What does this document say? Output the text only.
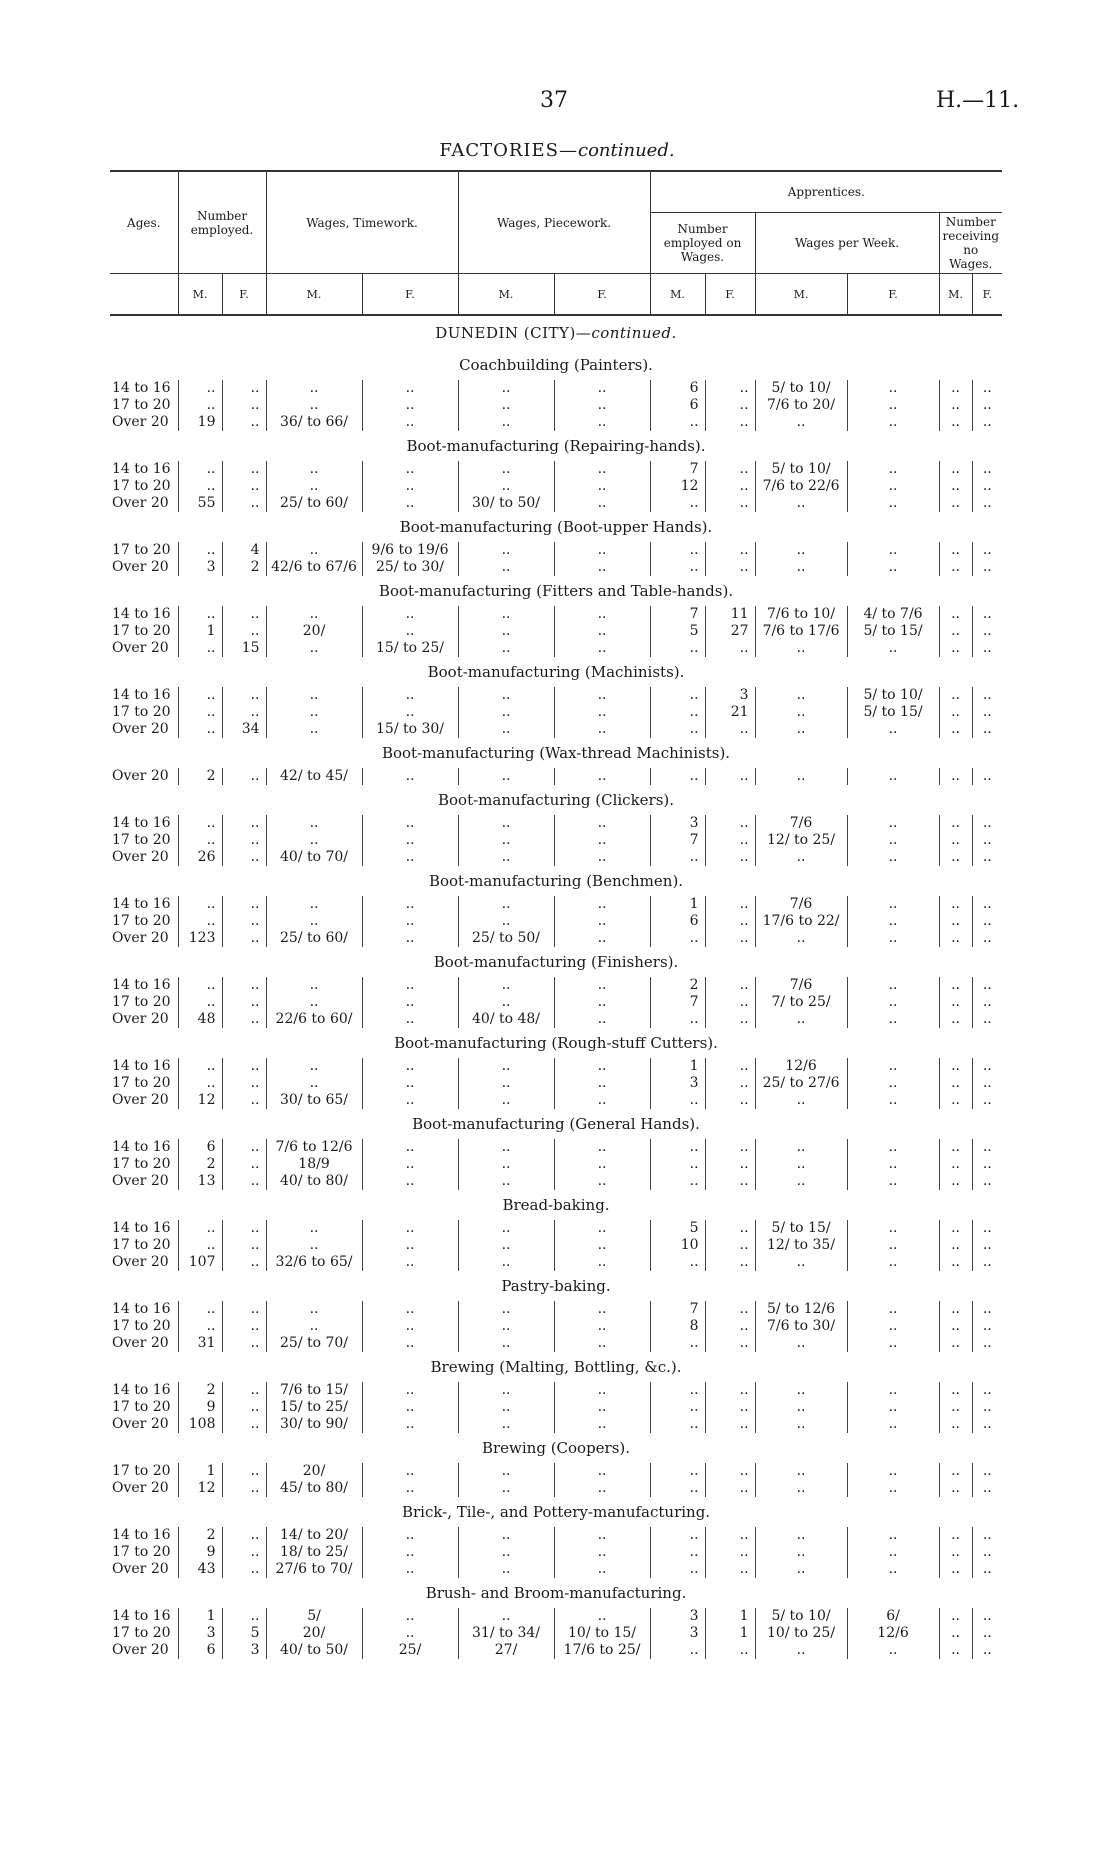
37	H.—11.
FACTORIES—continued.
Ages.	Number employed.		Wages, Timework.		Wages, Piecework.		Apprentices.					
							Number employed on Wages.		Wages per Week.		Number receiving no Wages.	
	M.	F.	M.	F.	M.	F.	M.	F.	M.	F.	M.	F.
DUNEDIN (CITY)—continued.												
Coachbuilding (Painters).												
14 to 16	..	..	..	..	..	..	6	..	5/ to 10/	..	..	..
17 to 20	..	..	..	..	..	..	6	..	7/6 to 20/	..	..	..
Over 20	19	..	36/ to 66/	..	..	..	..	..	..	..	..	..
Boot-manufacturing (Repairing-hands).												
14 to 16	..	..	..	..	..	..	7	..	5/ to 10/	..	..	..
17 to 20	..	..	..	..	..	..	12	..	7/6 to 22/6	..	..	..
Over 20	55	..	25/ to 60/	..	30/ to 50/	..	..	..	..	..	..	..
Boot-manufacturing (Boot-upper Hands).												
17 to 20	..	4	..	9/6 to 19/6	..	..	..	..	..	..	..	..
Over 20	3	2	42/6 to 67/6	25/ to 30/	..	..	..	..	..	..	..	..
Boot-manufacturing (Fitters and Table-hands).												
14 to 16	..	..	..	..	..	..	7	11	7/6 to 10/	4/ to 7/6	..	..
17 to 20	1	..	20/	..	..	..	5	27	7/6 to 17/6	5/ to 15/	..	..
Over 20	..	15	..	15/ to 25/	..	..	..	..	..	..	..	..
Boot-manufacturing (Machinists).												
14 to 16	..	..	..	..	..	..	..	3	..	5/ to 10/	..	..
17 to 20	..	..	..	..	..	..	..	21	..	5/ to 15/	..	..
Over 20	..	34	..	15/ to 30/	..	..	..	..	..	..	..	..
Boot-manufacturing (Wax-thread Machinists).												
Over 20	2	..	42/ to 45/	..	..	..	..	..	..	..	..	..
Boot-manufacturing (Clickers).												
14 to 16	..	..	..	..	..	..	3	..	7/6	..	..	..
17 to 20	..	..	..	..	..	..	7	..	12/ to 25/	..	..	..
Over 20	26	..	40/ to 70/	..	..	..	..	..	..	..	..	..
Boot-manufacturing (Benchmen).												
14 to 16	..	..	..	..	..	..	1	..	7/6	..	..	..
17 to 20	..	..	..	..	..	..	6	..	17/6 to 22/	..	..	..
Over 20	123	..	25/ to 60/	..	25/ to 50/	..	..	..	..	..	..	..
Boot-manufacturing (Finishers).												
14 to 16	..	..	..	..	..	..	2	..	7/6	..	..	..
17 to 20	..	..	..	..	..	..	7	..	7/ to 25/	..	..	..
Over 20	48	..	22/6 to 60/	..	40/ to 48/	..	..	..	..	..	..	..
Boot-manufacturing (Rough-stuff Cutters).												
14 to 16	..	..	..	..	..	..	1	..	12/6	..	..	..
17 to 20	..	..	..	..	..	..	3	..	25/ to 27/6	..	..	..
Over 20	12	..	30/ to 65/	..	..	..	..	..	..	..	..	..
Boot-manufacturing (General Hands).												
14 to 16	6	..	7/6 to 12/6	..	..	..	..	..	..	..	..	..
17 to 20	2	..	18/9	..	..	..	..	..	..	..	..	..
Over 20	13	..	40/ to 80/	..	..	..	..	..	..	..	..	..
Bread-baking.												
14 to 16	..	..	..	..	..	..	5	..	5/ to 15/	..	..	..
17 to 20	..	..	..	..	..	..	10	..	12/ to 35/	..	..	..
Over 20	107	..	32/6 to 65/	..	..	..	..	..	..	..	..	..
Pastry-baking.												
14 to 16	..	..	..	..	..	..	7	..	5/ to 12/6	..	..	..
17 to 20	..	..	..	..	..	..	8	..	7/6 to 30/	..	..	..
Over 20	31	..	25/ to 70/	..	..	..	..	..	..	..	..	..
Brewing (Malting, Bottling, &c.).												
14 to 16	2	..	7/6 to 15/	..	..	..	..	..	..	..	..	..
17 to 20	9	..	15/ to 25/	..	..	..	..	..	..	..	..	..
Over 20	108	..	30/ to 90/	..	..	..	..	..	..	..	..	..
Brewing (Coopers).												
17 to 20	1	..	20/	..	..	..	..	..	..	..	..	..
Over 20	12	..	45/ to 80/	..	..	..	..	..	..	..	..	..
Brick-, Tile-, and Pottery-manufacturing.												
14 to 16	2	..	14/ to 20/	..	..	..	..	..	..	..	..	..
17 to 20	9	..	18/ to 25/	..	..	..	..	..	..	..	..	..
Over 20	43	..	27/6 to 70/	..	..	..	..	..	..	..	..	..
Brush- and Broom-manufacturing.												
14 to 16	1	..	5/	..	..	..	3	1	5/ to 10/	6/	..	..
17 to 20	3	5	20/	..	31/ to 34/	10/ to 15/	3	1	10/ to 25/	12/6	..	..
Over 20	6	3	40/ to 50/	25/	27/	17/6 to 25/	..	..	..	..	..	..
